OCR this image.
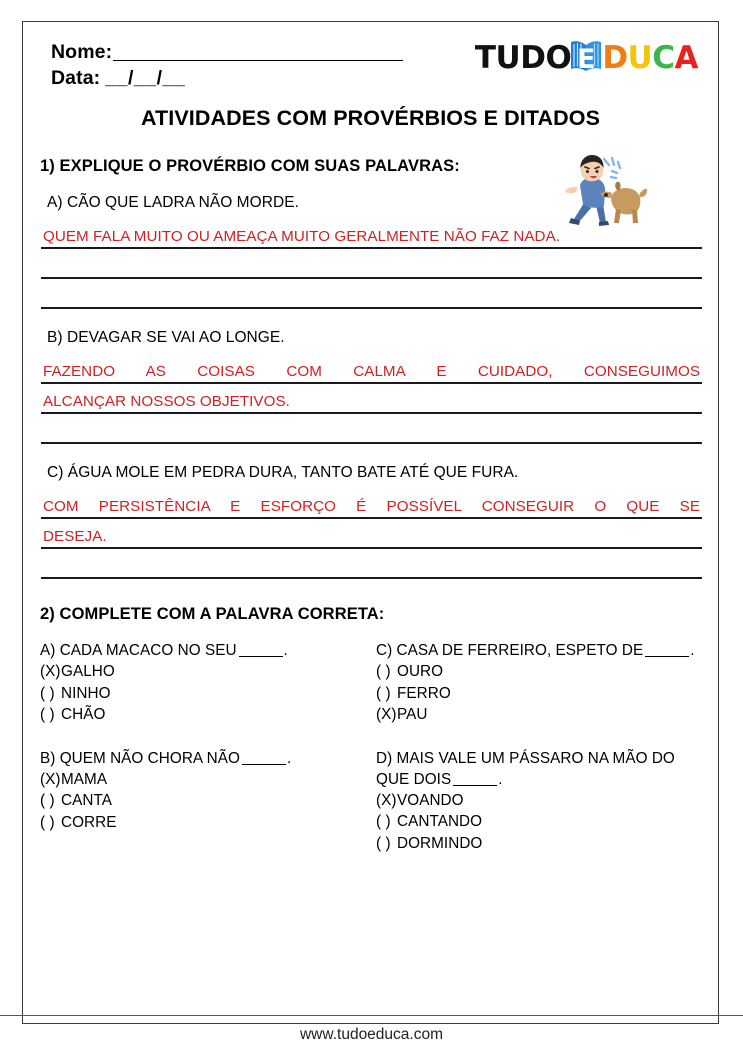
Nome:
Data: __/__/__
TUDO E D U C A
ATIVIDADES COM PROVÉRBIOS E DITADOS
1) EXPLIQUE O PROVÉRBIO COM SUAS PALAVRAS:
A) CÃO QUE LADRA NÃO MORDE.
QUEM FALA MUITO OU AMEAÇA MUITO GERALMENTE NÃO FAZ NADA.
B) DEVAGAR SE VAI AO LONGE.
FAZENDO AS COISAS COM CALMA E CUIDADO, CONSEGUIMOS
ALCANÇAR NOSSOS OBJETIVOS.
C) ÁGUA MOLE EM PEDRA DURA, TANTO BATE ATÉ QUE FURA.
COM PERSISTÊNCIA E ESFORÇO É POSSÍVEL CONSEGUIR O QUE SE
DESEJA.
2) COMPLETE COM A PALAVRA CORRETA:
A) CADA MACACO NO SEU	.
(X)GALHO
( ) NINHO
( ) CHÃO
C) CASA DE FERREIRO, ESPETO DE	.
( ) OURO
( ) FERRO
(X)PAU
B) QUEM NÃO CHORA NÃO	.
(X)MAMA
( ) CANTA
( ) CORRE
D) MAIS VALE UM PÁSSARO NA MÃO DO QUE DOIS	.
(X)VOANDO
( ) CANTANDO
( ) DORMINDO
www.tudoeduca.com
